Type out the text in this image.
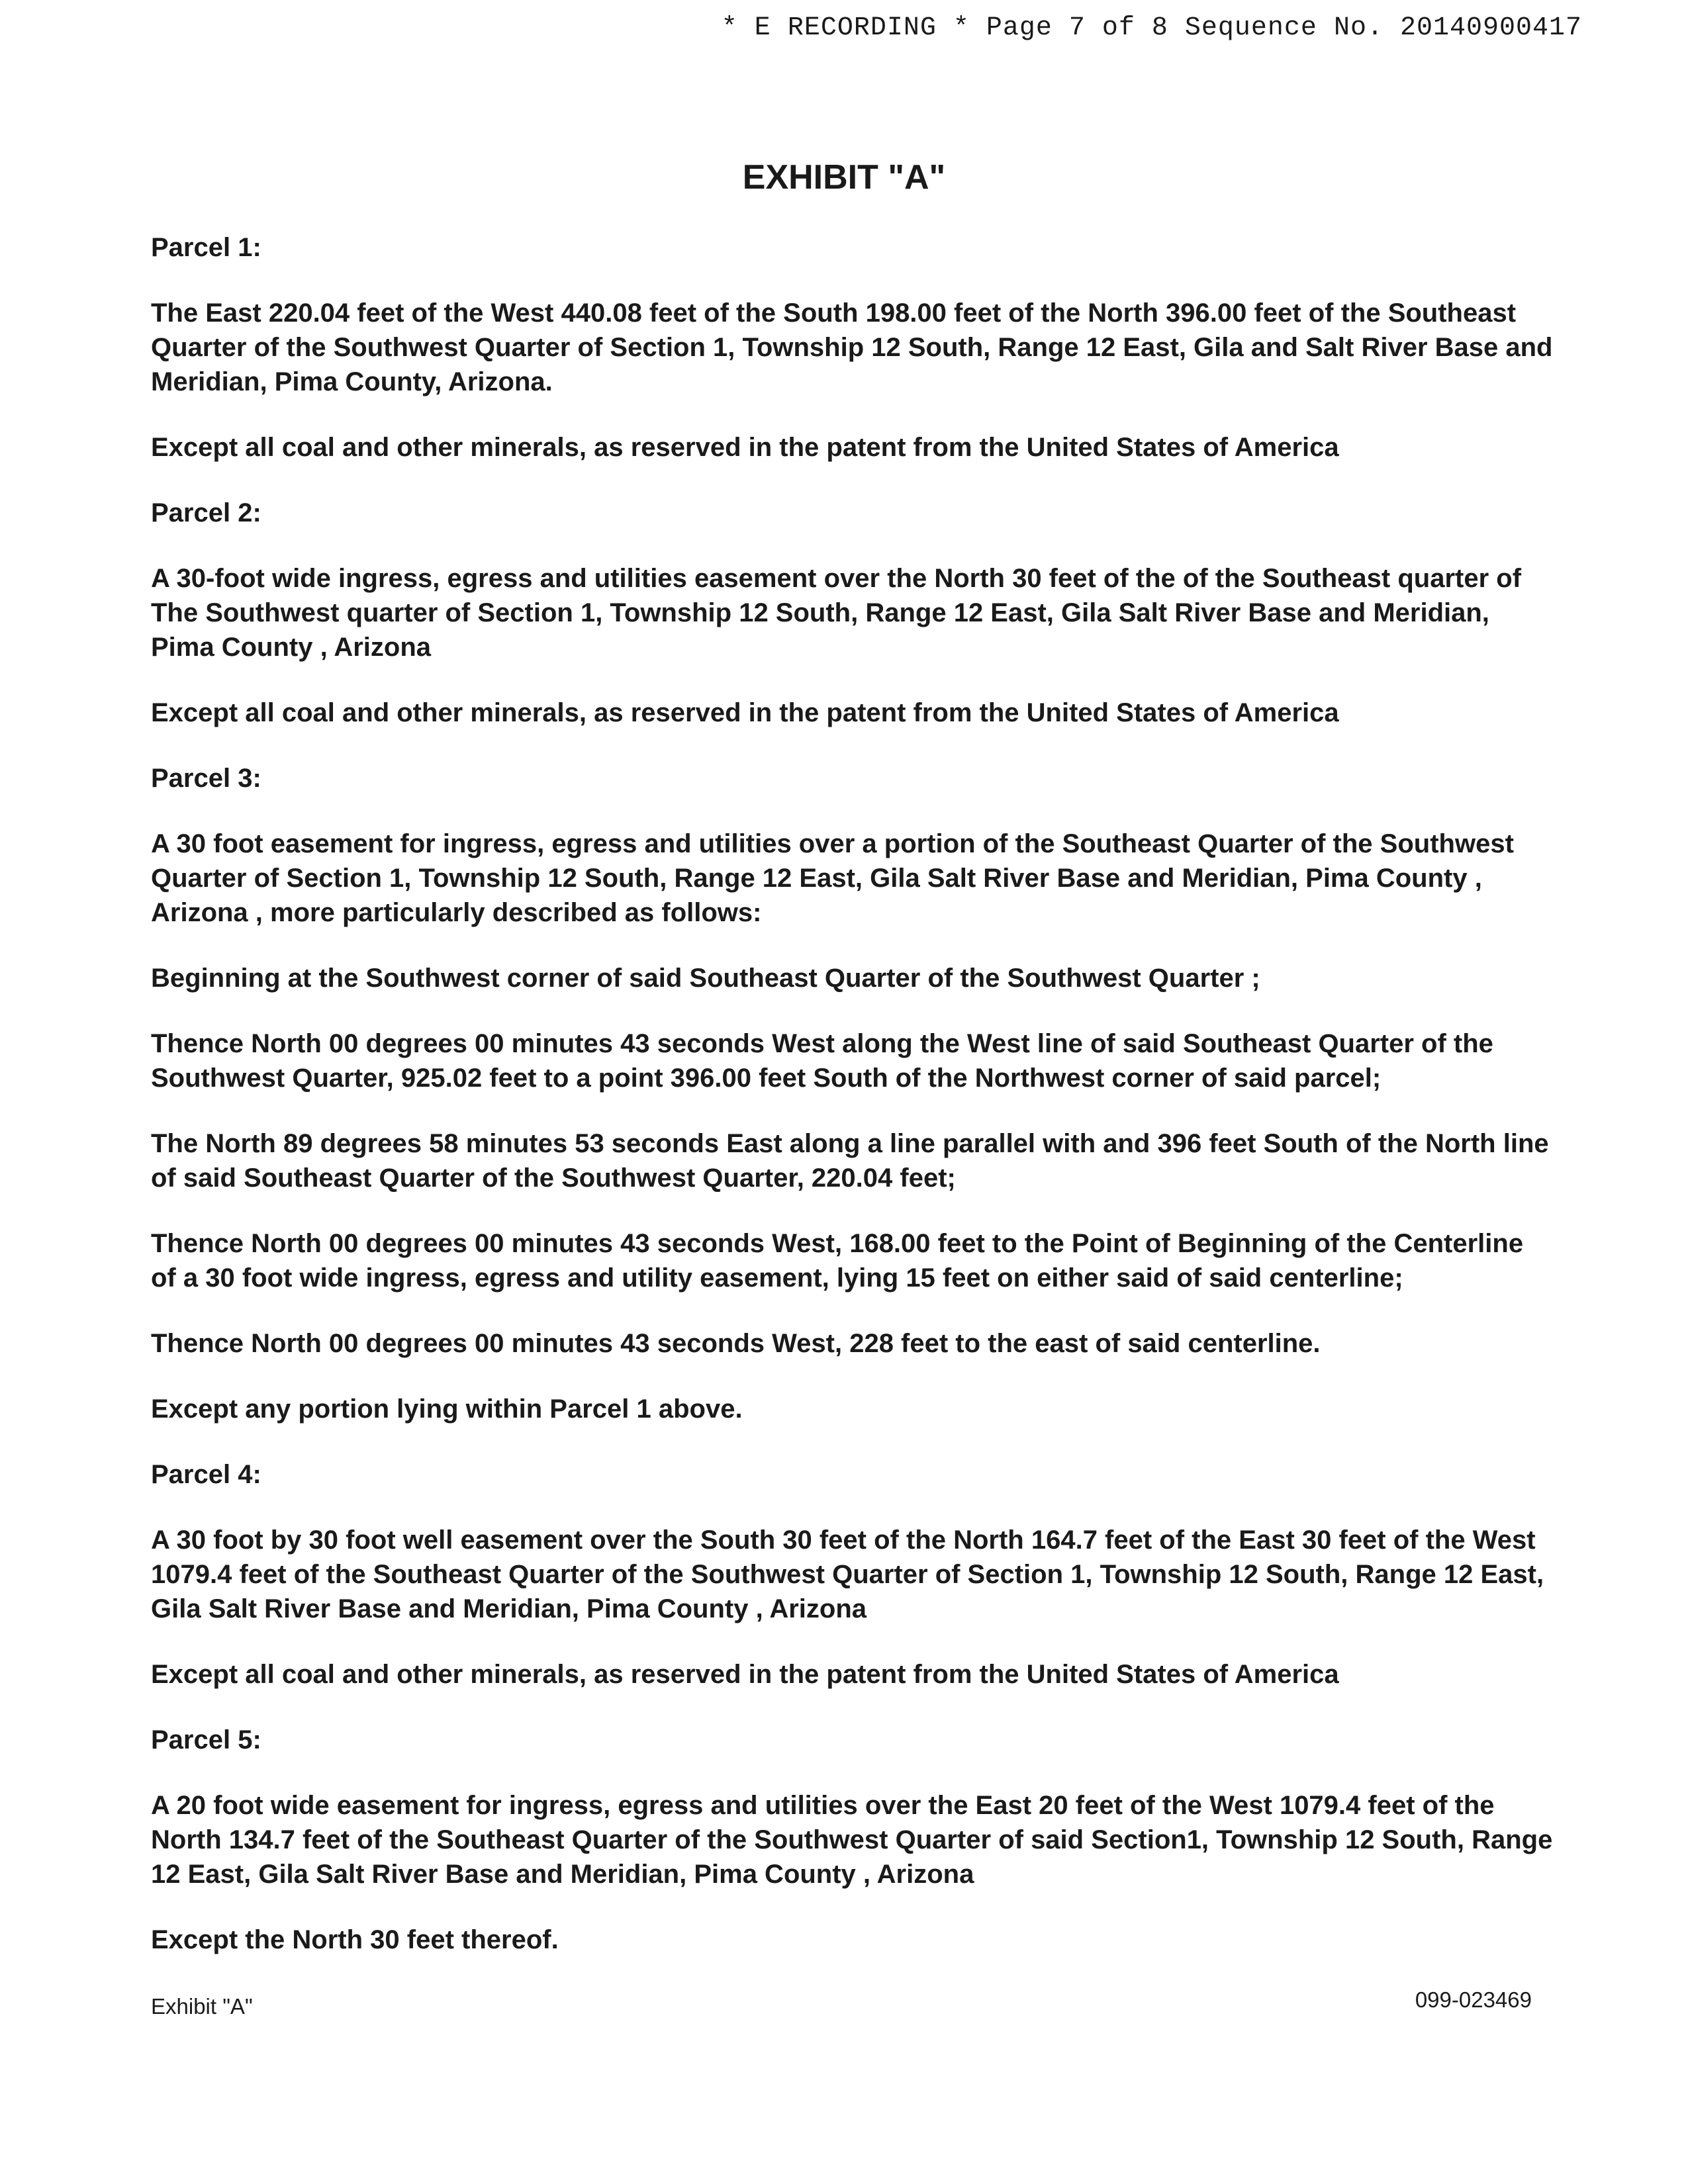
* E RECORDING * Page 7 of 8 Sequence No. 20140900417
EXHIBIT "A"

Parcel 1:

The East 220.04 feet of the West 440.08 feet of the South 198.00 feet of the North 396.00 feet of the Southeast Quarter of the Southwest Quarter of Section 1, Township 12 South, Range 12 East, Gila and Salt River Base and Meridian, Pima County, Arizona.

Except all coal and other minerals, as reserved in the patent from the United States of America

Parcel 2:

A 30-foot wide ingress, egress and utilities easement over the North 30 feet of the of the Southeast quarter of The Southwest quarter of Section 1, Township 12 South, Range 12 East, Gila Salt River Base and Meridian, Pima County , Arizona

Except all coal and other minerals, as reserved in the patent from the United States of America

Parcel 3:

A 30 foot easement for ingress, egress and utilities over a portion of the Southeast Quarter of the Southwest Quarter of Section 1, Township 12 South, Range 12 East, Gila Salt River Base and Meridian, Pima County , Arizona , more particularly described as follows:

Beginning at the Southwest corner of said Southeast Quarter of the Southwest Quarter ;

Thence North 00 degrees 00 minutes 43 seconds West along the West line of said Southeast Quarter of the Southwest Quarter, 925.02 feet to a point 396.00 feet South of the Northwest corner of said parcel;

The North 89 degrees 58 minutes 53 seconds East along a line parallel with and 396 feet South of the North line of said Southeast Quarter of the Southwest Quarter, 220.04 feet;

Thence North 00 degrees 00 minutes 43 seconds West, 168.00 feet to the Point of Beginning of the Centerline of a 30 foot wide ingress, egress and utility easement, lying 15 feet on either said of said centerline;

Thence North 00 degrees 00 minutes 43 seconds West, 228 feet to the east of said centerline.

Except any portion lying within Parcel 1 above.

Parcel 4:

A 30 foot by 30 foot well easement over the South 30 feet of the North 164.7 feet of the East 30 feet of the West 1079.4 feet of the Southeast Quarter of the Southwest Quarter of Section 1, Township 12 South, Range 12 East, Gila Salt River Base and Meridian, Pima County , Arizona

Except all coal and other minerals, as reserved in the patent from the United States of America

Parcel 5:

A 20 foot wide easement for ingress, egress and utilities over the East 20 feet of the West 1079.4 feet of the North 134.7 feet of the Southeast Quarter of the Southwest Quarter of said Section1, Township 12 South, Range 12 East, Gila Salt River Base and Meridian, Pima County , Arizona

Except the North 30 feet thereof.

Exhibit "A"	099-023469
